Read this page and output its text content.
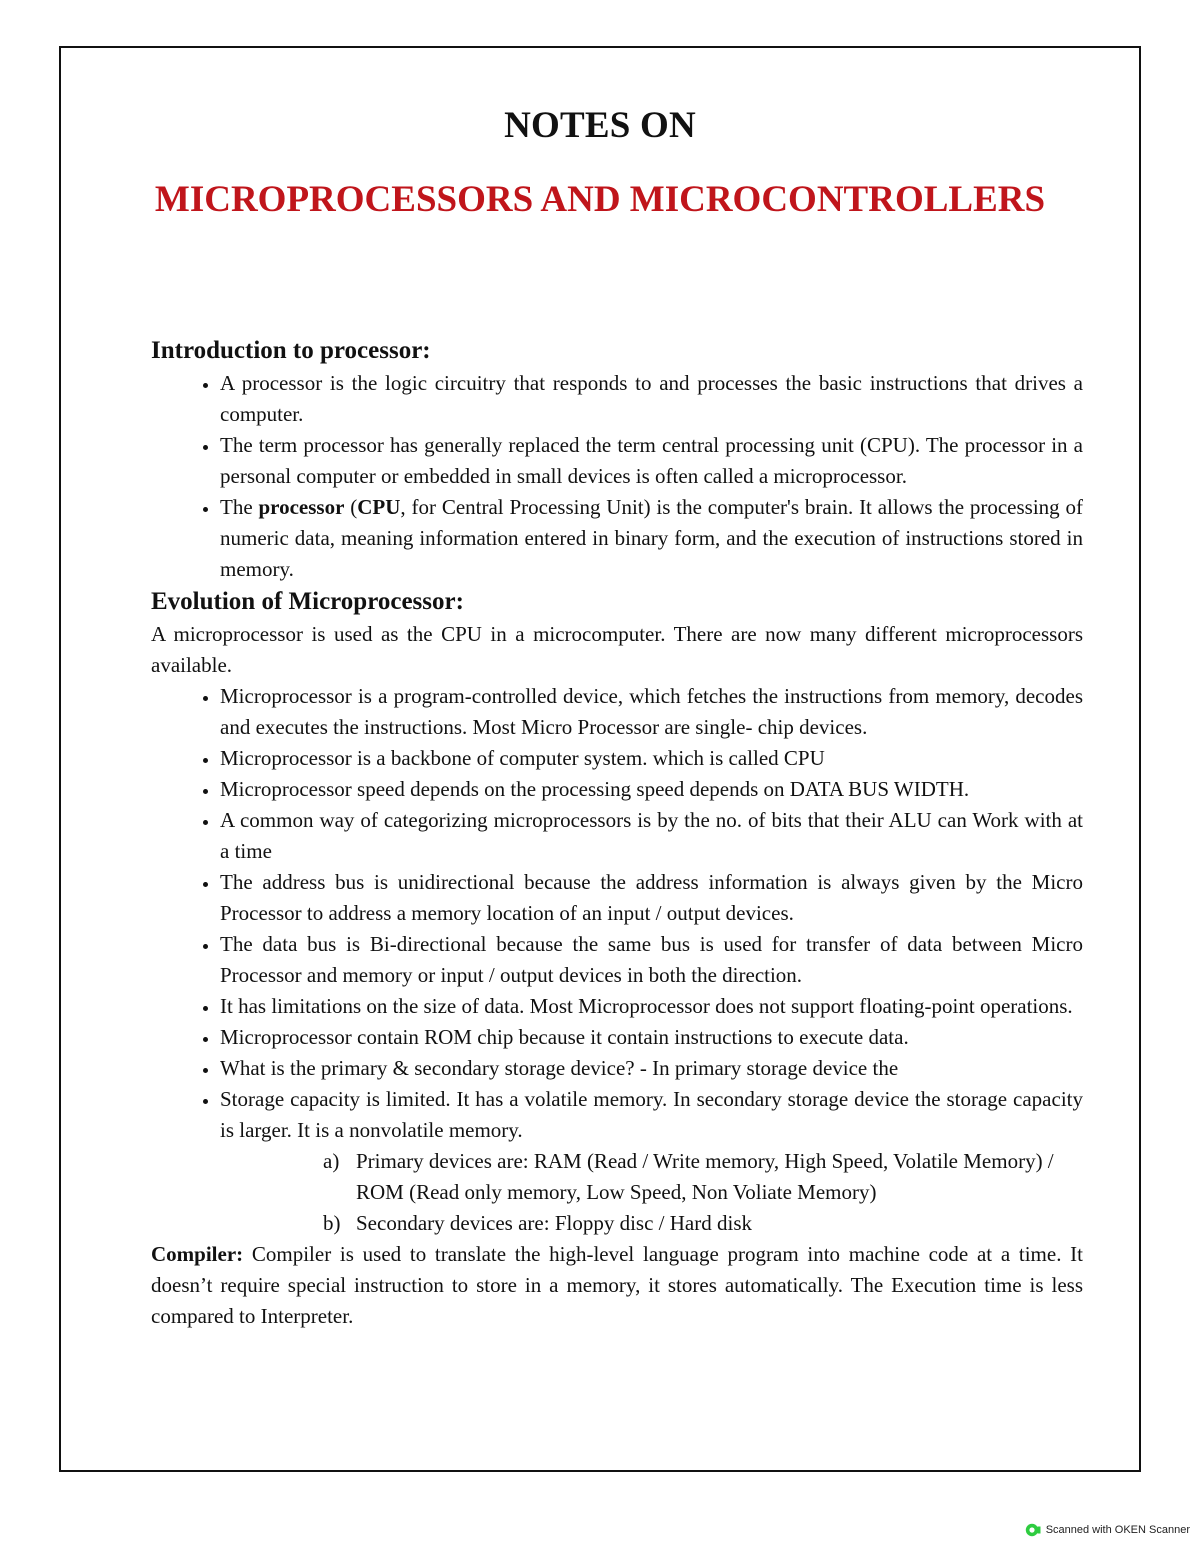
NOTES ON
MICROPROCESSORS AND MICROCONTROLLERS
Introduction to processor:
• A processor is the logic circuitry that responds to and processes the basic instructions that drives a computer.
• The term processor has generally replaced the term central processing unit (CPU). The processor in a personal computer or embedded in small devices is often called a microprocessor.
• The processor (CPU, for Central Processing Unit) is the computer's brain. It allows the processing of numeric data, meaning information entered in binary form, and the execution of instructions stored in memory.
Evolution of Microprocessor:

A microprocessor is used as the CPU in a microcomputer. There are now many different microprocessors available.

• Microprocessor is a program-controlled device, which fetches the instructions from memory, decodes and executes the instructions. Most Micro Processor are single- chip devices.
• Microprocessor is a backbone of computer system. which is called CPU
• Microprocessor speed depends on the processing speed depends on DATA BUS WIDTH.
• A common way of categorizing microprocessors is by the no. of bits that their ALU can Work with at a time
• The address bus is unidirectional because the address information is always given by the Micro Processor to address a memory location of an input / output devices.
• The data bus is Bi-directional because the same bus is used for transfer of data between Micro Processor and memory or input / output devices in both the direction.
• It has limitations on the size of data. Most Microprocessor does not support floating-point operations.
• Microprocessor contain ROM chip because it contain instructions to execute data.
• What is the primary & secondary storage device? - In primary storage device the
• Storage capacity is limited. It has a volatile memory. In secondary storage device the storage capacity is larger. It is a nonvolatile memory.
a) Primary devices are: RAM (Read / Write memory, High Speed, Volatile Memory) / ROM (Read only memory, Low Speed, Non Voliate Memory)
b) Secondary devices are: Floppy disc / Hard disk

Compiler: Compiler is used to translate the high-level language program into machine code at a time. It doesn’t require special instruction to store in a memory, it stores automatically. The Execution time is less compared to Interpreter.

Scanned with OKEN Scanner
